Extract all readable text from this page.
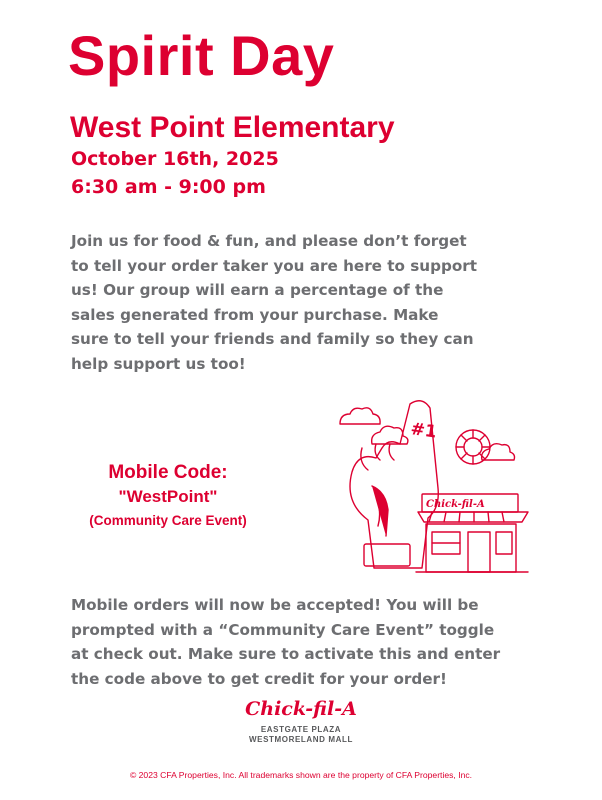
Spirit Day
West Point Elementary
October 16th, 2025
6:30 am - 9:00 pm

Join us for food & fun, and please don’t forget to tell your order taker you are here to support us! Our group will earn a percentage of the sales generated from your purchase. Make sure to tell your friends and family so they can help support us too!

Mobile Code:
"WestPoint"
(Community Care Event)
#1
Chick-fil-A

Mobile orders will now be accepted! You will be prompted with a “Community Care Event” toggle at check out. Make sure to activate this and enter the code above to get credit for your order!

Chick-fil-A
EASTGATE PLAZA
WESTMORELAND MALL
© 2023 CFA Properties, Inc. All trademarks shown are the property of CFA Properties, Inc.
